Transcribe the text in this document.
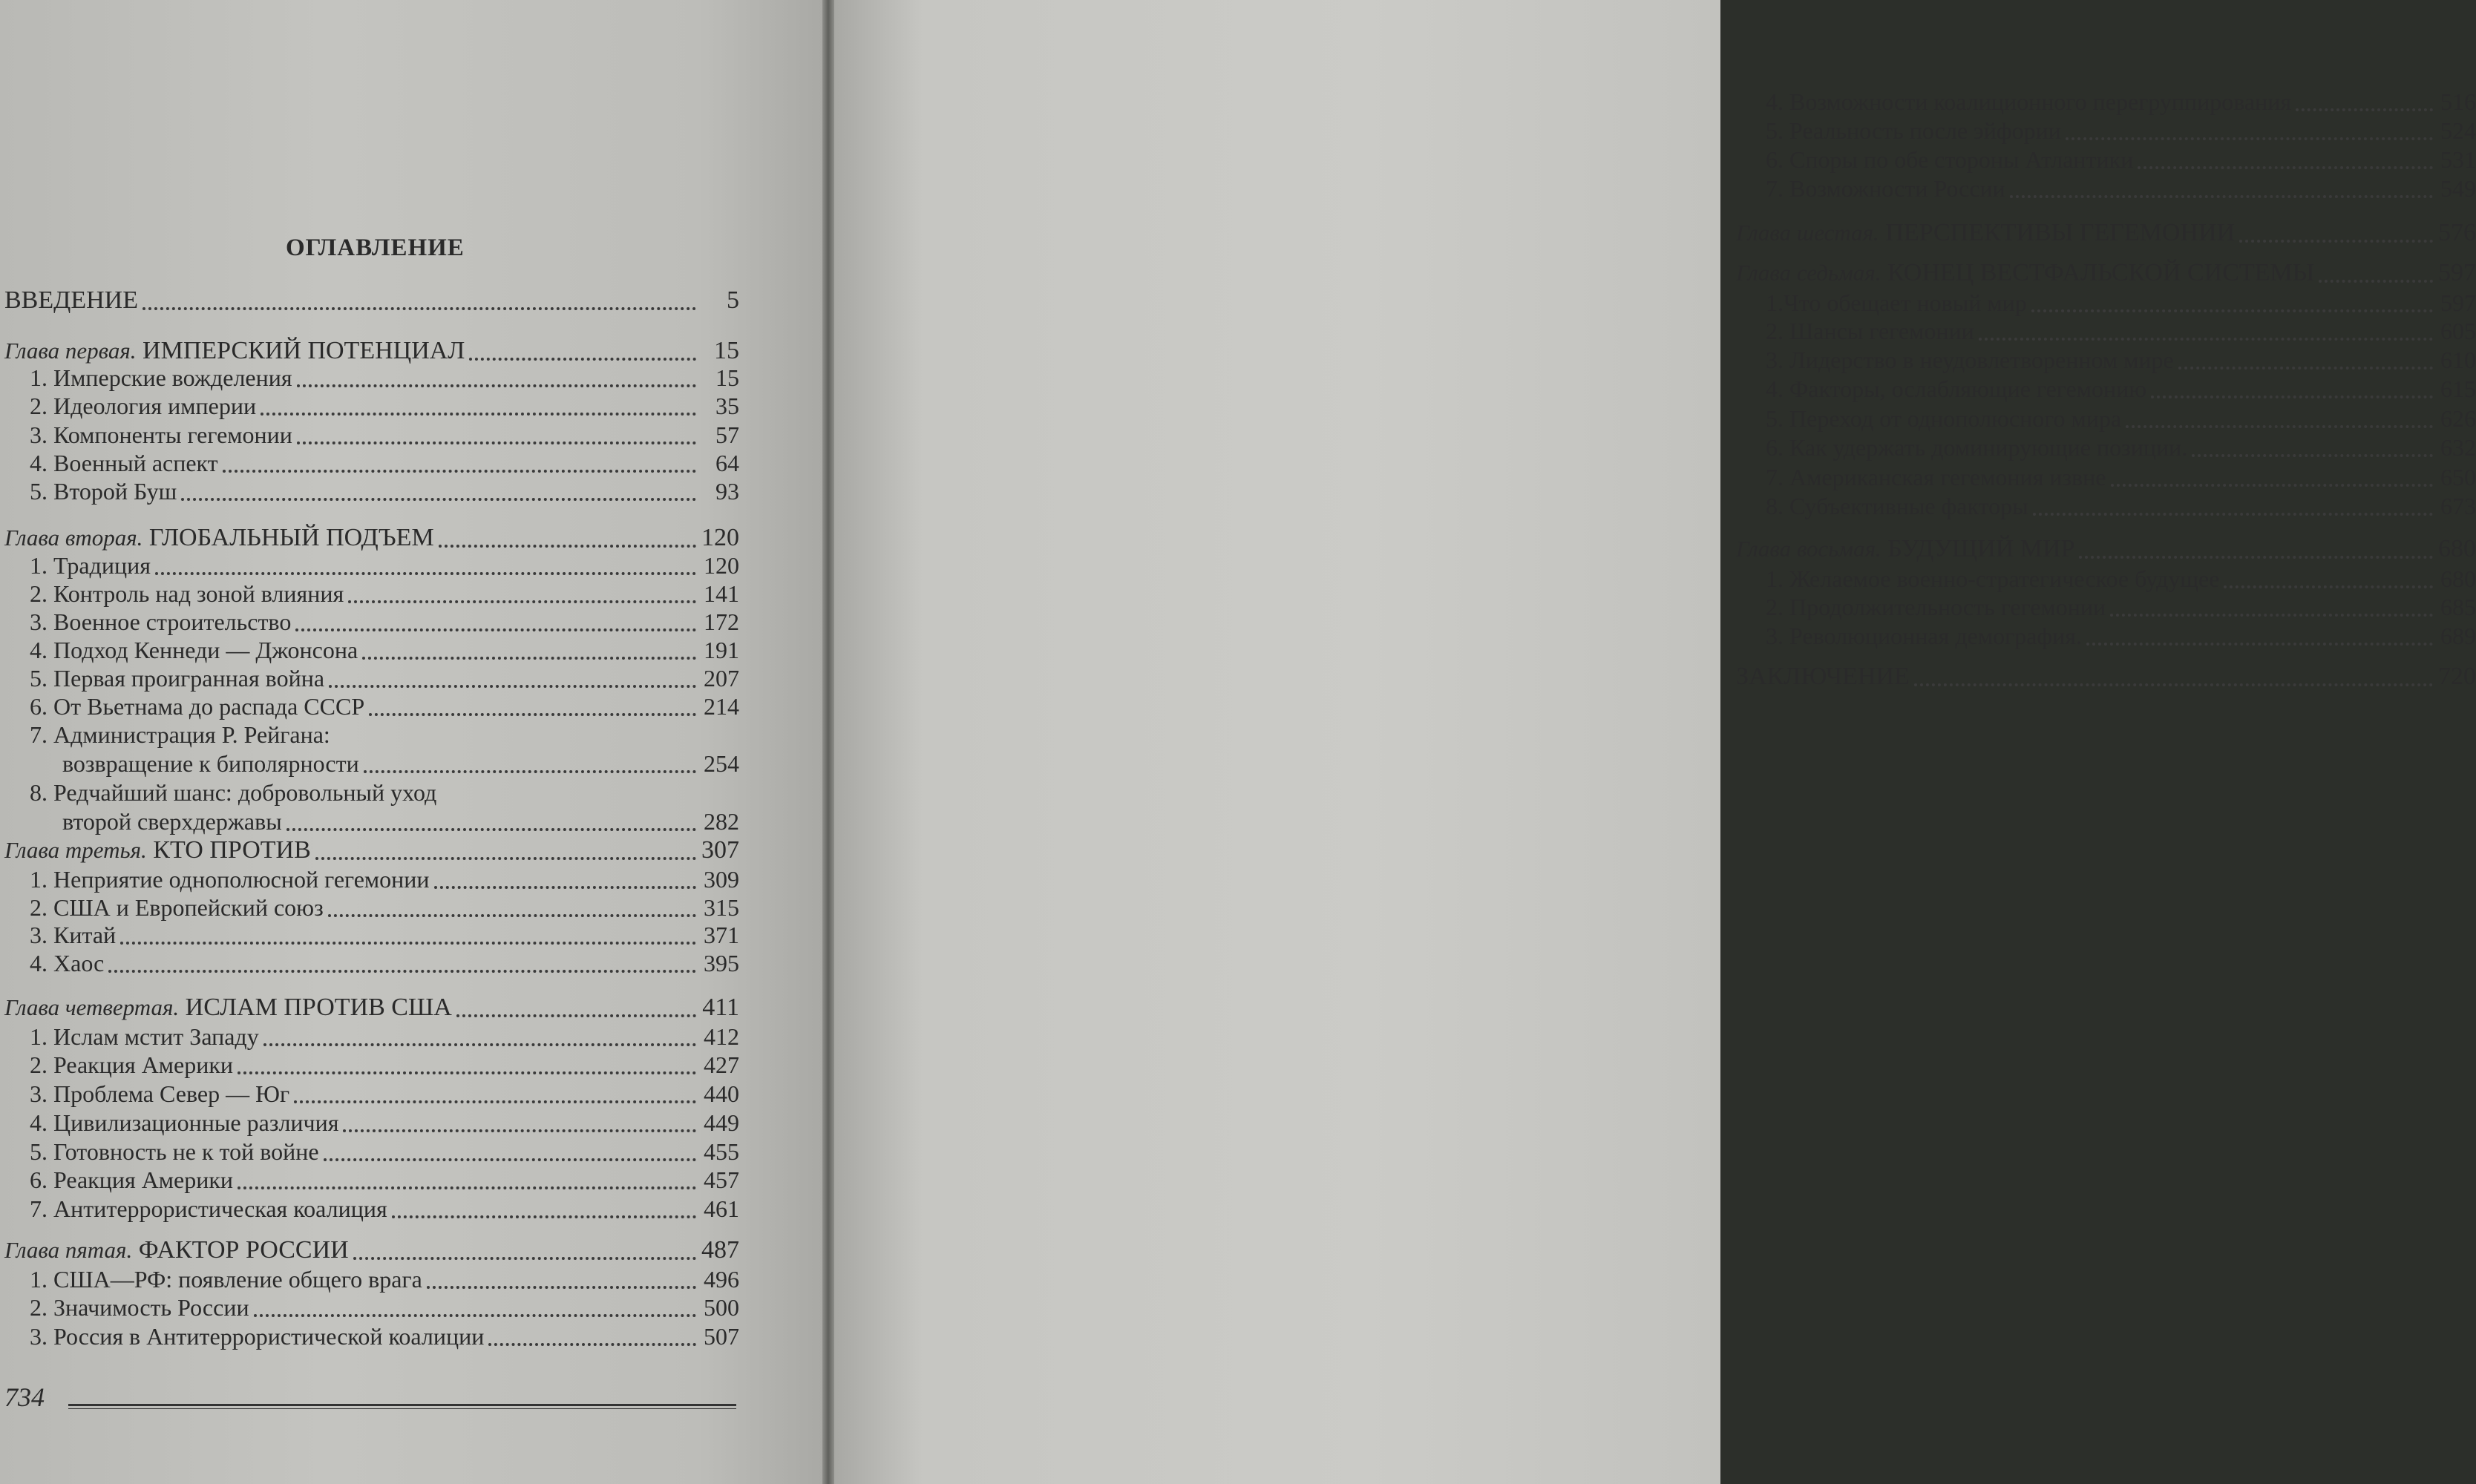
ОГЛАВЛЕНИЕ
ВВЕДЕНИЕ	5
Глава первая. ИМПЕРСКИЙ ПОТЕНЦИАЛ	15
1. Имперские вожделения	15
2. Идеология империи	35
3. Компоненты гегемонии	57
4. Военный аспект	64
5. Второй Буш	93
Глава вторая. ГЛОБАЛЬНЫЙ ПОДЪЕМ	120
1. Традиция	120
2. Контроль над зоной влияния	141
3. Военное строительство	172
4. Подход Кеннеди — Джонсона	191
5. Первая проигранная война	207
6. От Вьетнама до распада СССР	214
7. Администрация Р. Рейгана:
возвращение к биполярности	254
8. Редчайший шанс: добровольный уход
второй сверхдержавы	282
Глава третья. КТО ПРОТИВ	307
1. Неприятие однополюсной гегемонии	309
2. США и Европейский союз	315
3. Китай	371
4. Хаос	395
Глава четвертая. ИСЛАМ ПРОТИВ США	411
1. Ислам мстит Западу	412
2. Реакция Америки	427
3. Проблема Север — Юг	440
4. Цивилизационные различия	449
5. Готовность не к той войне	455
6. Реакция Америки	457
7. Антитеррористическая коалиция	461
Глава пятая. ФАКТОР РОССИИ	487
1. США—РФ: появление общего врага	496
2. Значимость России	500
3. Россия в Антитеррористической коалиции	507
734
4. Возможности коалиционного перегруппирования	516
5. Реальность после эйфории	524
6. Споры по обе стороны Атлантики	531
7. Возможности России	549
Глава шестая. ПЕРСПЕКТИВЫ ГЕГЕМОНИИ	576
Глава седьмая. КОНЕЦ ВЕСТФАЛЬСКОЙ СИСТЕМЫ	597
1.Что обещает новый мир	597
2. Шансы гегемонии	605
3. Лидерство в неудовлетворенном мире	610
4. Факторы, ослабляющие гегемонию	615
5. Переход от однополюсного мира	626
6. Как удержать доминирующие позиции.	632
7. Американская гегемония извне	650
8. Субъективные факторы	673
Глава восьмая. БУДУЩИЙ МИР	680
1. Желаемое военно-стратегическое будущее	680
2. Продолжительность гегемонии	685
3. Революционная демография.	689
ЗАКЛЮЧЕНИЕ	720
